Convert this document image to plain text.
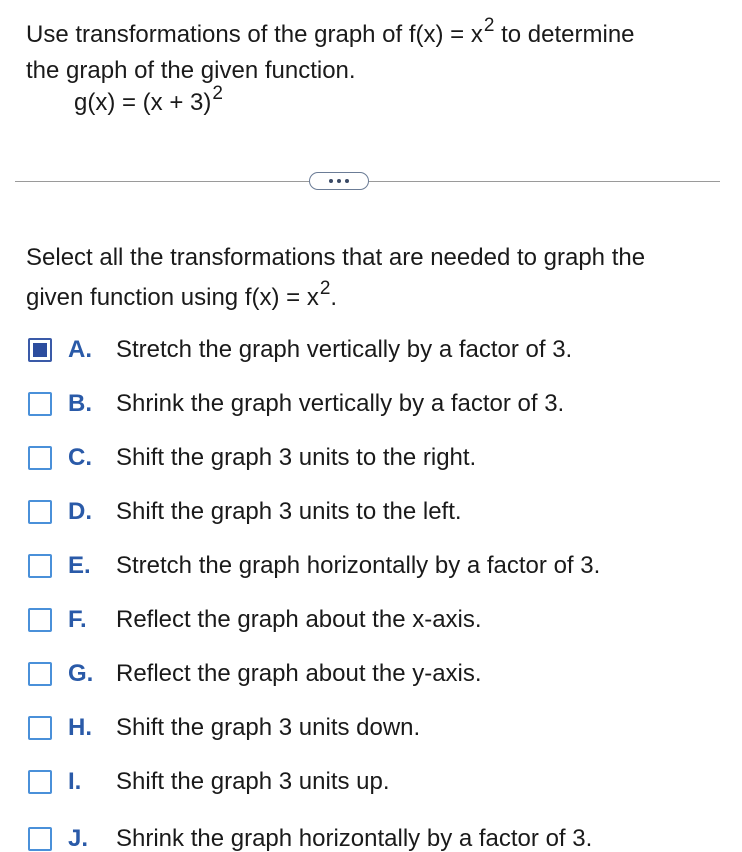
Use transformations of the graph of $f(x) = x^2$ to determine
the graph of the given function.
$g(x) = (x + 3)^2$
Select all the transformations that are needed to graph the
given function using $f(x) = x^2$.
A.	Stretch the graph vertically by a factor of 3.
B.	Shrink the graph vertically by a factor of 3.
C.	Shift the graph 3 units to the right.
D.	Shift the graph 3 units to the left.
E.	Stretch the graph horizontally by a factor of 3.
F.	Reflect the graph about the x-axis.
G. Reflect the graph about the y-axis.
H.	Shift the graph 3 units down.
I.	Shift the graph 3 units up.
J.	Shrink the graph horizontally by a factor of 3.
